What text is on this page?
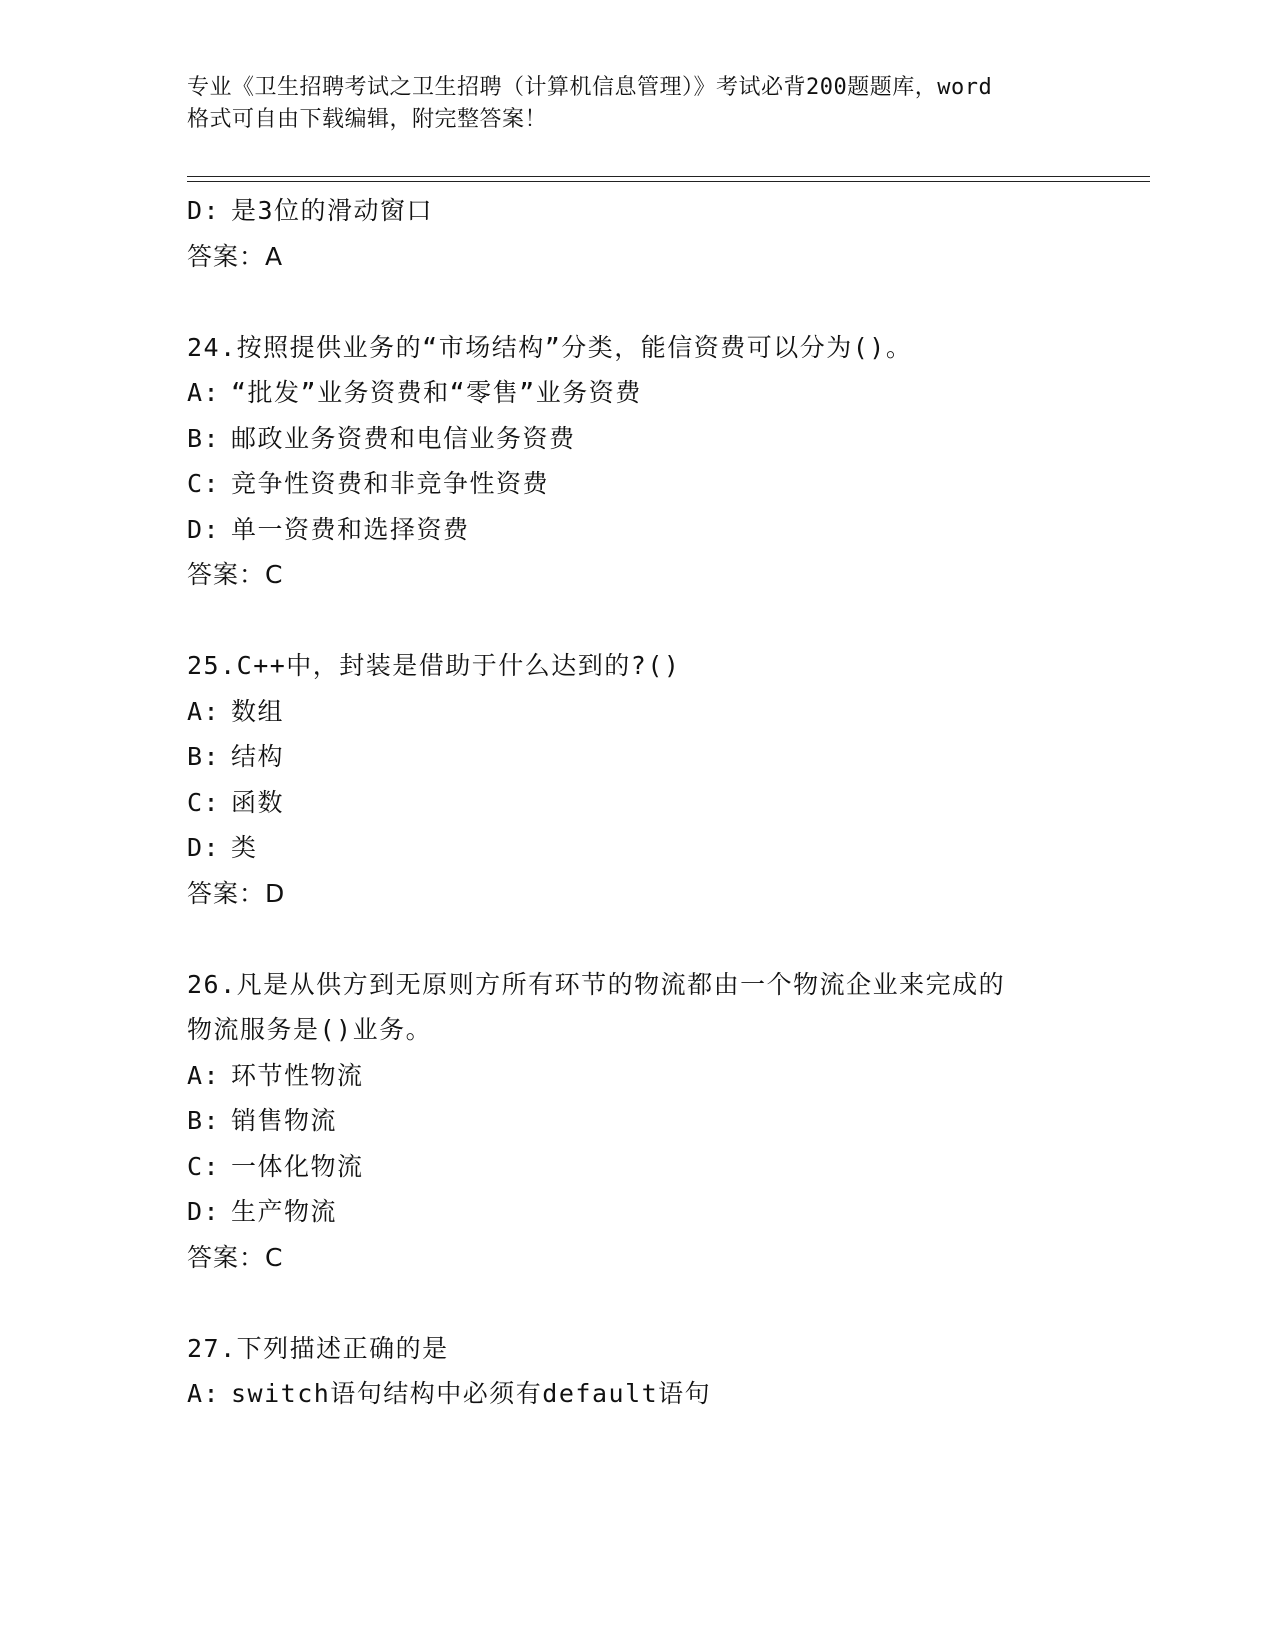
专业《卫生招聘考试之卫生招聘（计算机信息管理）》考试必背200题题库，word
格式可自由下载编辑，附完整答案！
D: 是3位的滑动窗口
答案：A
24.按照提供业务的“市场结构”分类，能信资费可以分为()。
A: “批发”业务资费和“零售”业务资费
B: 邮政业务资费和电信业务资费
C: 竞争性资费和非竞争性资费
D: 单一资费和选择资费
答案：C
25.C++中，封装是借助于什么达到的?()
A: 数组
B: 结构
C: 函数
D: 类
答案：D
26.凡是从供方到无原则方所有环节的物流都由一个物流企业来完成的
物流服务是()业务。
A: 环节性物流
B: 销售物流
C: 一体化物流
D: 生产物流
答案：C
27.下列描述正确的是
A: switch语句结构中必须有default语句
